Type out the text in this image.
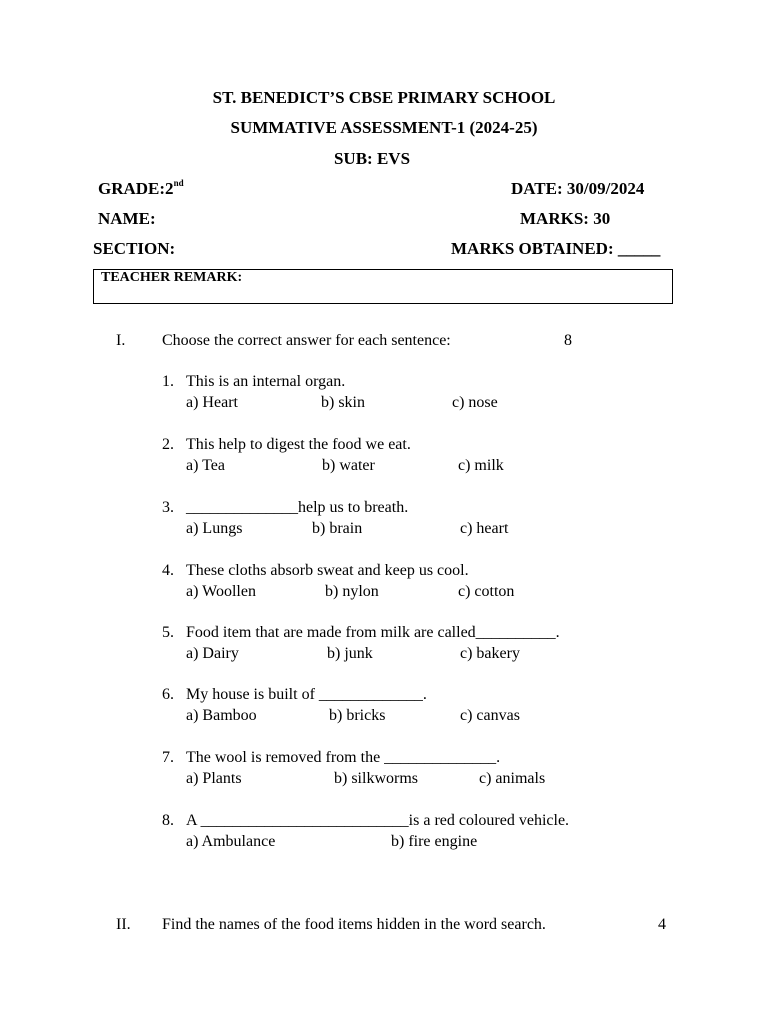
ST. BENEDICT’S CBSE PRIMARY SCHOOL
SUMMATIVE ASSESSMENT-1 (2024-25)
SUB: EVS
GRADE:2nd	DATE: 30/09/2024
NAME:	MARKS: 30
SECTION:	MARKS OBTAINED: _____
TEACHER REMARK:
I. Choose the correct answer for each sentence:	8
1. This is an internal organ.
a) Heart	b) skin	c) nose
2. This help to digest the food we eat.
a) Tea	b) water	c) milk
3. ______________help us to breath.
a) Lungs	b) brain	c) heart
4. These cloths absorb sweat and keep us cool.
a) Woollen	b) nylon	c) cotton
5. Food item that are made from milk are called__________.
a) Dairy	b) junk	c) bakery
6. My house is built of _____________.
a) Bamboo	b) bricks	c) canvas
7. The wool is removed from the ______________.
a) Plants	b) silkworms	c) animals
8. A __________________________is a red coloured vehicle.
a) Ambulance	b) fire engine
II. Find the names of the food items hidden in the word search.	4
